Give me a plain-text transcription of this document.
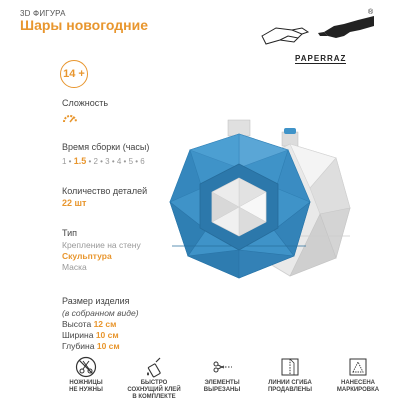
3D ФИГУРА
Шары новогодние
®
PAPERRAZ
14 +
Сложность
Время сборки (часы)
1 • 1.5 • 2 • 3 • 4 • 5 • 6
Количество деталей
22 шт
Тип
Крепление на стену
Скульптура
Маска
Размер изделия
(в собранном виде)
Высота 12 см
Ширина 10 см
Глубина 10 см
НОЖНИЦЫ
НЕ НУЖНЫ
БЫСТРО
СОХНУЩИЙ КЛЕЙ
В КОМПЛЕКТЕ
ЭЛЕМЕНТЫ
ВЫРЕЗАНЫ
ЛИНИИ СГИБА
ПРОДАВЛЕНЫ
НАНЕСЕНА
МАРКИРОВКА
